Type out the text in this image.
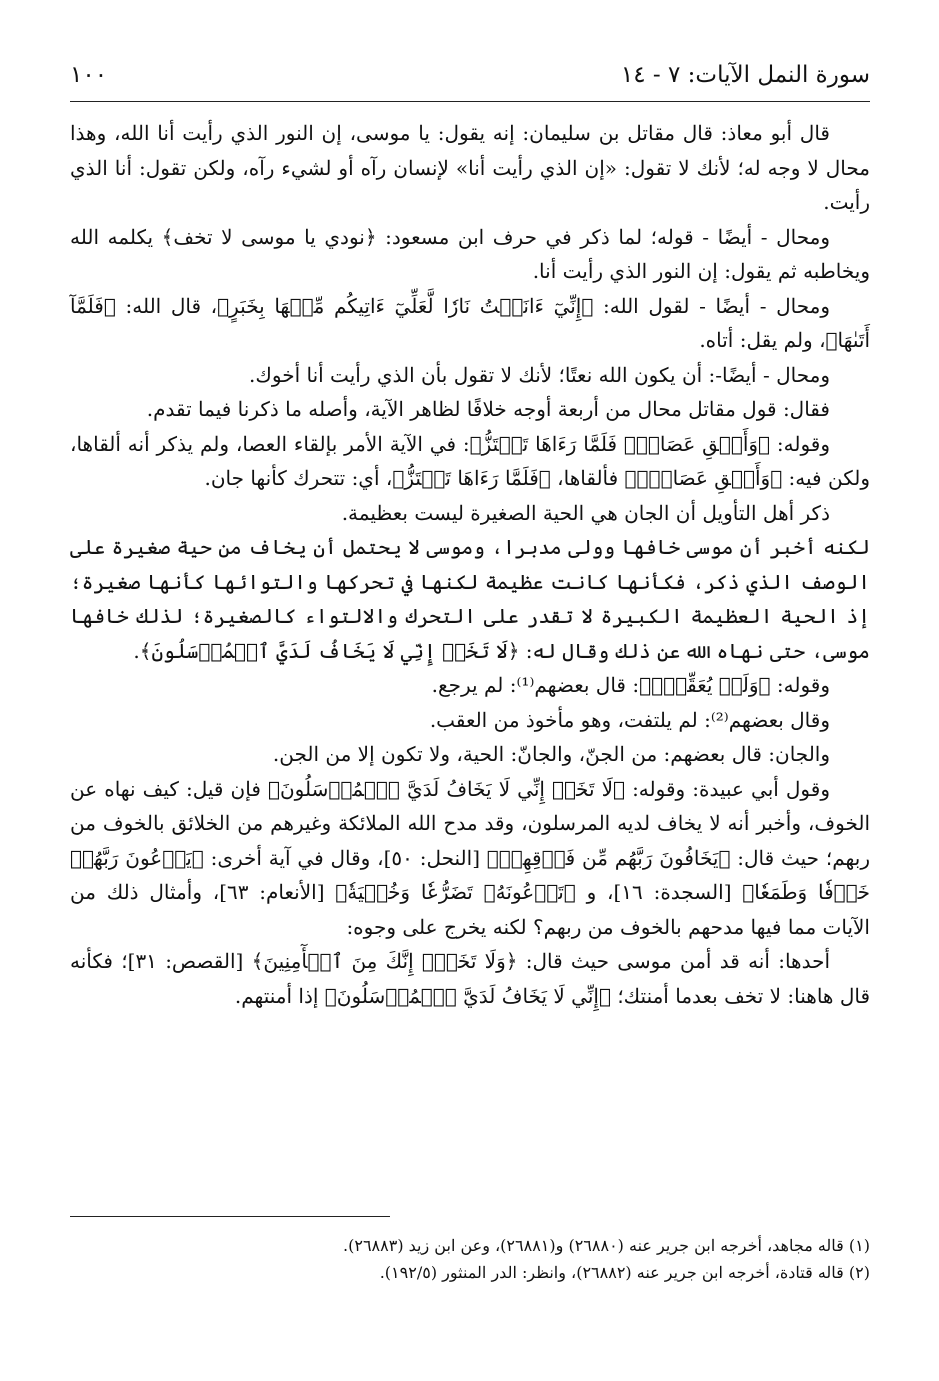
سورة النمل الآيات: ٧ - ١٤
١٠٠

قال أبو معاذ: قال مقاتل بن سليمان: إنه يقول: يا موسى، إن النور الذي رأيت أنا الله، وهذا محال لا وجه له؛ لأنك لا تقول: «إن الذي رأيت أنا» لإنسان رآه أو لشيء رآه، ولكن تقول: أنا الذي رأيت.

ومحال - أيضًا - قوله؛ لما ذكر في حرف ابن مسعود: ﴿نودي يا موسى لا تخف﴾ يكلمه الله ويخاطبه ثم يقول: إن النور الذي رأيت أنا.

ومحال - أيضًا - لقول الله: ﴿إِنِّيٓ ءَانَسۡتُ نَارٗا لَّعَلِّيٓ ءَاتِيكُم مِّنۡهَا بِخَبَرٍ﴾، قال الله: ﴿فَلَمَّآ أَتَىٰهَا﴾، ولم يقل: أتاه.

ومحال - أيضًا-: أن يكون الله نعتًا؛ لأنك لا تقول بأن الذي رأيت أنا أخوك.

فقال: قول مقاتل محال من أربعة أوجه خلافًا لظاهر الآية، وأصله ما ذكرنا فيما تقدم.

وقوله: ﴿وَأَلۡقِ عَصَاكَۚ فَلَمَّا رَءَاهَا تَهۡتَزُّ﴾: في الآية الأمر بإلقاء العصا، ولم يذكر أنه ألقاها، ولكن فيه: ﴿وَأَلۡقِ عَصَاكَۚ﴾ فألقاها، ﴿فَلَمَّا رَءَاهَا تَهۡتَزُّ﴾، أي: تتحرك كأنها جان.

ذكر أهل التأويل أن الجان هي الحية الصغيرة ليست بعظيمة.

لكنه أخبر أن موسى خافها وولى مدبرا، وموسى لا يحتمل أن يخاف من حية صغيرة على الوصف الذي ذكر، فكأنها كانت عظيمة لكنها في تحركها والتوائها كأنها صغيرة؛ إذ الحية العظيمة الكبيرة لا تقدر على التحرك والالتواء كالصغيرة؛ لذلك خافها موسى، حتى نهاه الله عن ذلك وقال له: ﴿لَا تَخَفۡ إِنِّي لَا يَخَافُ لَدَيَّ ٱلۡمُرۡسَلُونَ﴾.

وقوله: ﴿وَلَمۡ يُعَقِّبۡۚ﴾: قال بعضهم⁽¹⁾: لم يرجع.

وقال بعضهم⁽²⁾: لم يلتفت، وهو مأخوذ من العقب.

والجان: قال بعضهم: من الجنّ، والجانّ: الحية، ولا تكون إلا من الجن.

وقول أبي عبيدة: وقوله: ﴿لَا تَخَفۡ إِنِّي لَا يَخَافُ لَدَيَّ ٱلۡمُرۡسَلُونَ﴾ فإن قيل: كيف نهاه عن الخوف، وأخبر أنه لا يخاف لديه المرسلون، وقد مدح الله الملائكة وغيرهم من الخلائق بالخوف من ربهم؛ حيث قال: ﴿يَخَافُونَ رَبَّهُم مِّن فَوۡقِهِمۡ﴾ [النحل: ٥٠]، وقال في آية أخرى: ﴿يَدۡعُونَ رَبَّهُمۡ خَوۡفٗا وَطَمَعٗا﴾ [السجدة: ١٦]، و ﴿تَدۡعُونَهُۥ تَضَرُّعٗا وَخُفۡيَةٗ﴾ [الأنعام: ٦٣]، وأمثال ذلك من الآيات مما فيها مدحهم بالخوف من ربهم؟ لكنه يخرج على وجوه:

أحدها: أنه قد أمن موسى حيث قال: ﴿وَلَا تَخَفۡۖ إِنَّكَ مِنَ ٱلۡأٓمِنِينَ﴾ [القصص: ٣١]؛ فكأنه قال هاهنا: لا تخف بعدما أمنتك؛ ﴿إِنِّي لَا يَخَافُ لَدَيَّ ٱلۡمُرۡسَلُونَ﴾ إذا أمنتهم.

(١) قاله مجاهد، أخرجه ابن جرير عنه (٢٦٨٨٠) و(٢٦٨٨١)، وعن ابن زيد (٢٦٨٨٣).

(٢) قاله قتادة، أخرجه ابن جرير عنه (٢٦٨٨٢)، وانظر: الدر المنثور (١٩٢/٥).
